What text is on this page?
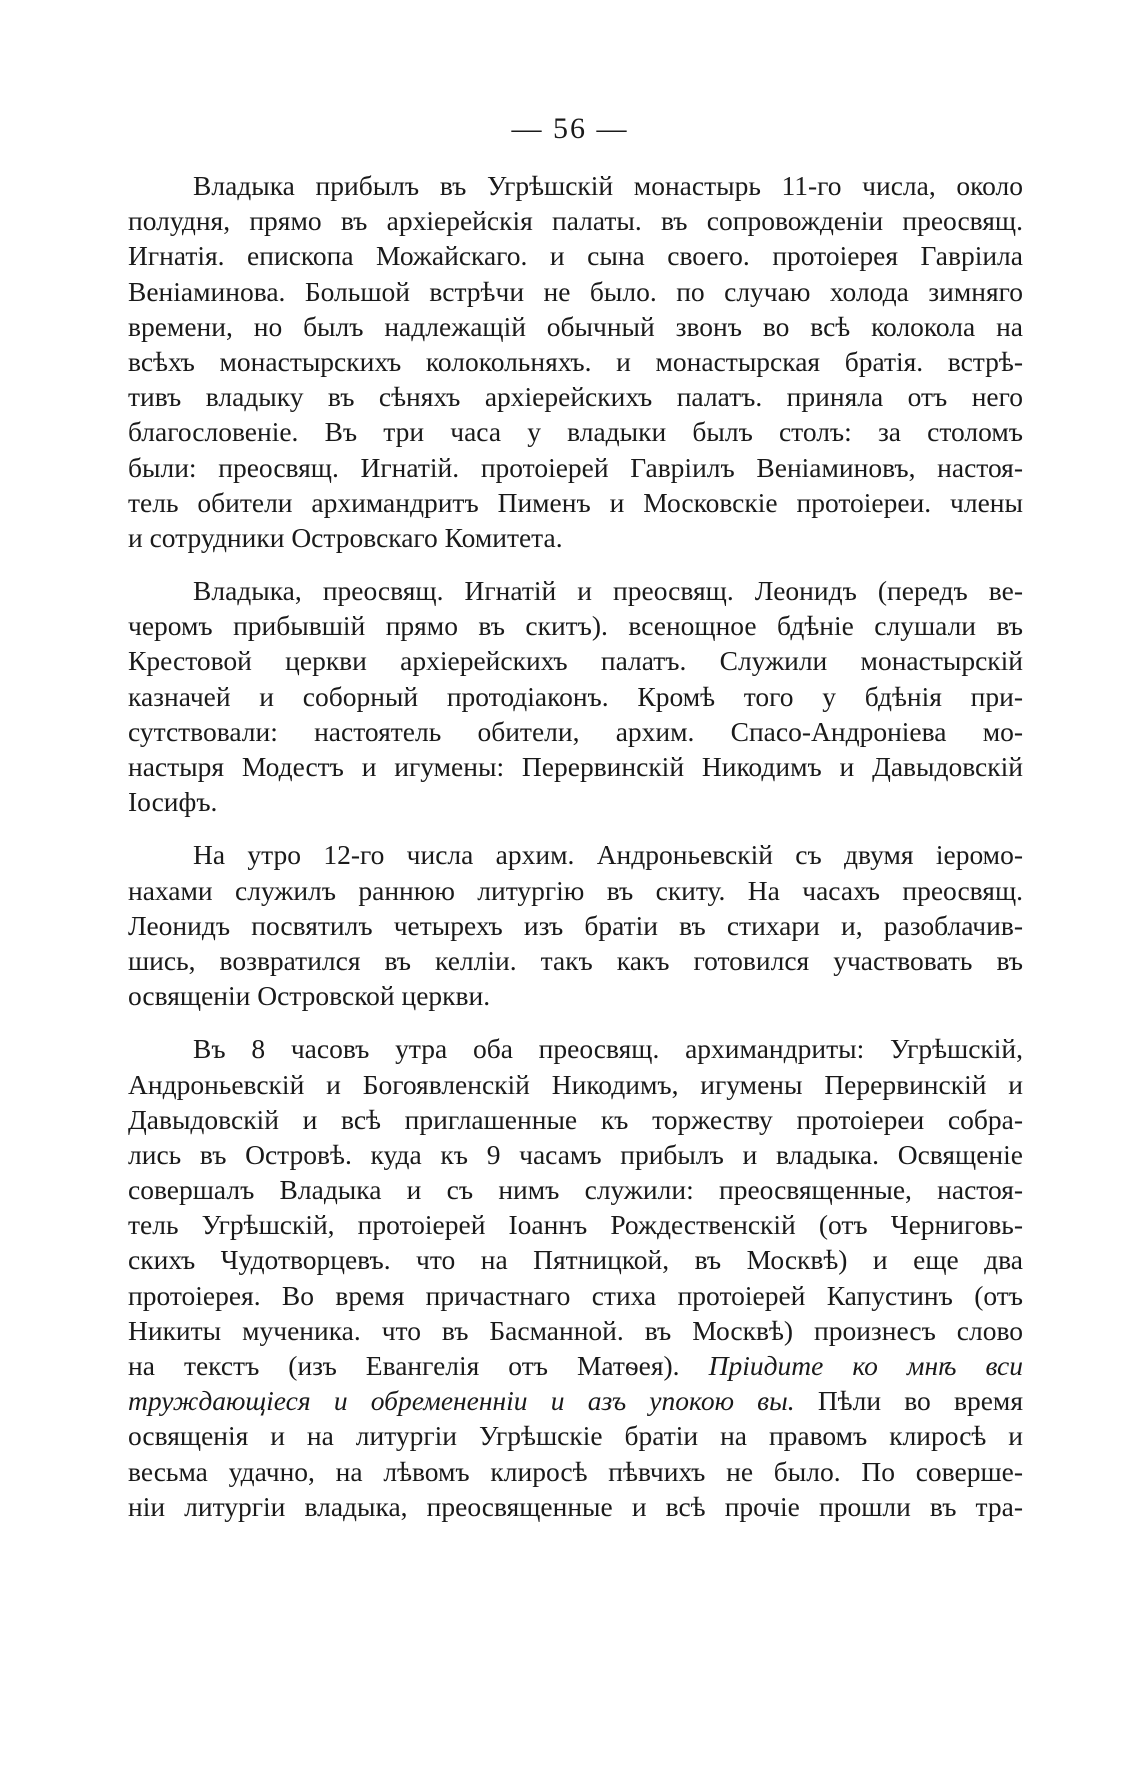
— 56 —
Владыка прибылъ въ Угрѣшскій монастырь 11-го числа, около
полудня, прямо въ архіерейскія палаты. въ сопровожденіи преосвящ.
Игнатія. епископа Можайскаго. и сына своего. протоіерея Гавріила
Веніаминова. Большой встрѣчи не было. по случаю холода зимняго
времени, но былъ надлежащій обычный звонъ во всѣ колокола на
всѣхъ монастырскихъ колокольняхъ. и монастырская братія. встрѣ-
тивъ владыку въ сѣняхъ архіерейскихъ палатъ. приняла отъ него
благословеніе. Въ три часа у владыки былъ столъ: за столомъ
были: преосвящ. Игнатій. протоіерей Гавріилъ Веніаминовъ, настоя-
тель обители архимандритъ Пименъ и Московскіе протоіереи. члены
и сотрудники Островскаго Комитета.
Владыка, преосвящ. Игнатій и преосвящ. Леонидъ (передъ ве-
черомъ прибывшій прямо въ скитъ). всенощное бдѣніе слушали въ
Крестовой церкви архіерейскихъ палатъ. Служили монастырскій
казначей и соборный протодіаконъ. Кромѣ того у бдѣнія при-
сутствовали: настоятель обители, архим. Спасо-Андроніева мо-
настыря Модестъ и игумены: Перервинскій Никодимъ и Давыдовскій
Іосифъ.
На утро 12-го числа архим. Андроньевскій съ двумя іеромо-
нахами служилъ раннюю литургію въ скиту. На часахъ преосвящ.
Леонидъ посвятилъ четырехъ изъ братіи въ стихари и, разоблачив-
шись, возвратился въ келліи. такъ какъ готовился участвовать въ
освященіи Островской церкви.
Въ 8 часовъ утра оба преосвящ. архимандриты: Угрѣшскій,
Андроньевскій и Богоявленскій Никодимъ, игумены Перервинскій и
Давыдовскій и всѣ приглашенные къ торжеству протоіереи собра-
лись въ Островѣ. куда къ 9 часамъ прибылъ и владыка. Освященіе
совершалъ Владыка и съ нимъ служили: преосвященные, настоя-
тель Угрѣшскій, протоіерей Іоаннъ Рождественскій (отъ Черниговь-
скихъ Чудотворцевъ. что на Пятницкой, въ Москвѣ) и еще два
протоіерея. Во время причастнаго стиха протоіерей Капустинъ (отъ
Никиты мученика. что въ Басманной. въ Москвѣ) произнесъ слово
на текстъ (изъ Евангелія отъ Матѳея). Пріидите ко мнѣ вси
труждающіеся и обремененніи и азъ упокою вы. Пѣли во время
освященія и на литургіи Угрѣшскіе братіи на правомъ клиросѣ и
весьма удачно, на лѣвомъ клиросѣ пѣвчихъ не было. По соверше-
ніи литургіи владыка, преосвященные и всѣ прочіе прошли въ тра-
